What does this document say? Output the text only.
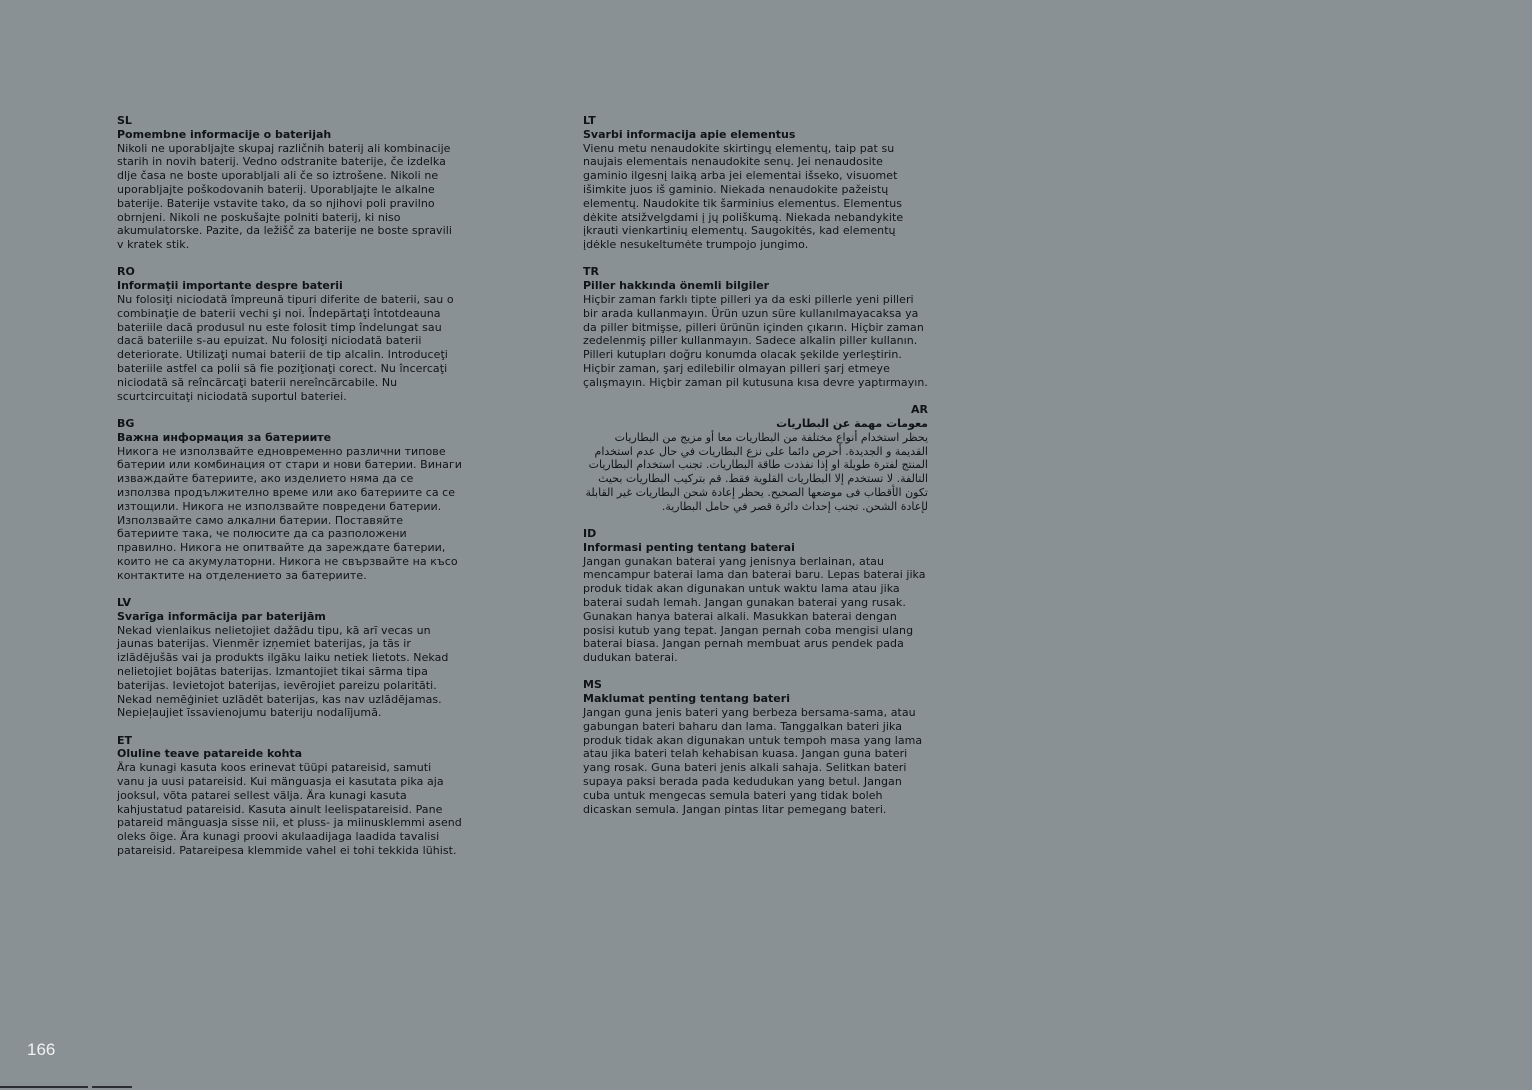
SL

Pomembne informacije o baterijah

Nikoli ne uporabljajte skupaj različnih baterij ali kombinacije starih in novih baterij. Vedno odstranite baterije, če izdelka dlje časa ne boste uporabljali ali če so iztrošene. Nikoli ne uporabljajte poškodovanih baterij. Uporabljajte le alkalne baterije. Baterije vstavite tako, da so njihovi poli pravilno obrnjeni. Nikoli ne poskušajte polniti baterij, ki niso akumulatorske. Pazite, da ležišč za baterije ne boste spravili v kratek stik.

RO

Informaţii importante despre baterii

Nu folosiţi niciodată împreună tipuri diferite de baterii, sau o combinaţie de baterii vechi şi noi. Îndepărtaţi întotdeauna bateriile dacă produsul nu este folosit timp îndelungat sau dacă bateriile s-au epuizat. Nu folosiţi niciodată baterii deteriorate. Utilizaţi numai baterii de tip alcalin. Introduceţi bateriile astfel ca polii să fie poziţionaţi corect. Nu încercaţi niciodată să reîncărcaţi baterii nereîncărcabile. Nu scurtcircuitaţi niciodată suportul bateriei.

BG

Важна информация за батериите

Никога не използвайте едновременно различни типове батерии или комбинация от стари и нови батерии. Винаги изваждайте батериите, ако изделието няма да се използва продължително време или ако батериите са се изтощили. Никога не използвайте повредени батерии. Използвайте само алкални батерии. Поставяйте батериите така, че полюсите да са разположени правилно. Никога не опитвайте да зареждате батерии, които не са акумулаторни. Никога не свързвайте на късо контактите на отделението за батериите.

LV

Svarīga informācija par baterijām

Nekad vienlaikus nelietojiet dažādu tipu, kā arī vecas un jaunas baterijas. Vienmēr izņemiet baterijas, ja tās ir izlādējušās vai ja produkts ilgāku laiku netiek lietots. Nekad nelietojiet bojātas baterijas. Izmantojiet tikai sārma tipa baterijas. Ievietojot baterijas, ievērojiet pareizu polaritāti. Nekad nemēģiniet uzlādēt baterijas, kas nav uzlādējamas. Nepieļaujiet īssavienojumu bateriju nodalījumā.

ET

Oluline teave patareide kohta

Ära kunagi kasuta koos erinevat tüüpi patareisid, samuti vanu ja uusi patareisid. Kui mänguasja ei kasutata pika aja jooksul, võta patarei sellest välja. Ära kunagi kasuta kahjustatud patareisid. Kasuta ainult leelispatareisid. Pane patareid mänguasja sisse nii, et pluss- ja miinusklemmi asend oleks õige. Ära kunagi proovi akulaadijaga laadida tavalisi patareisid. Patareipesa klemmide vahel ei tohi tekkida lühist.

LT

Svarbi informacija apie elementus

Vienu metu nenaudokite skirtingų elementų, taip pat su naujais elementais nenaudokite senų. Jei nenaudosite gaminio ilgesnį laiką arba jei elementai išseko, visuomet išimkite juos iš gaminio. Niekada nenaudokite pažeistų elementų. Naudokite tik šarminius elementus. Elementus dėkite atsižvelgdami į jų poliškumą. Niekada nebandykite įkrauti vienkartinių elementų. Saugokitės, kad elementų įdėkle nesukeltumėte trumpojo jungimo.

TR

Piller hakkında önemli bilgiler

Hiçbir zaman farklı tipte pilleri ya da eski pillerle yeni pilleri bir arada kullanmayın. Ürün uzun süre kullanılmayacaksa ya da piller bitmişse, pilleri ürünün içinden çıkarın. Hiçbir zaman zedelenmiş piller kullanmayın. Sadece alkalin piller kullanın. Pilleri kutupları doğru konumda olacak şekilde yerleştirin. Hiçbir zaman, şarj edilebilir olmayan pilleri şarj etmeye çalışmayın. Hiçbir zaman pil kutusuna kısa devre yaptırmayın.

AR

معومات مهمة عن البطاريات

يحظر استخدام أنواع مختلفة من البطاريات معا أو مزيج من البطاريات القديمة و الجديدة. أحرص دائما على نزع البطاريات في حال عدم استخدام المنتج لفترة طويلة او إذا نفذدت طاقة البطاريات. تجنب استخدام البطاريات التالفة. لا تستخدم إلا البطاريات القلوية فقط. قم بتركيب البطاريات بحيث تكون الأقطاب فى موضعها الصحيح. يحظر إعادة شحن البطاريات غير القابلة لإعادة الشحن. تجنب إحداث دائرة قصر في حامل البطارية.

ID

Informasi penting tentang baterai

Jangan gunakan baterai yang jenisnya berlainan, atau mencampur baterai lama dan baterai baru. Lepas baterai jika produk tidak akan digunakan untuk waktu lama atau jika baterai sudah lemah. Jangan gunakan baterai yang rusak. Gunakan hanya baterai alkali. Masukkan baterai dengan posisi kutub yang tepat. Jangan pernah coba mengisi ulang baterai biasa. Jangan pernah membuat arus pendek pada dudukan baterai.

MS

Maklumat penting tentang bateri

Jangan guna jenis bateri yang berbeza bersama-sama, atau gabungan bateri baharu dan lama. Tanggalkan bateri jika produk tidak akan digunakan untuk tempoh masa yang lama atau jika bateri telah kehabisan kuasa. Jangan guna bateri yang rosak. Guna bateri jenis alkali sahaja. Selitkan bateri supaya paksi berada pada kedudukan yang betul. Jangan cuba untuk mengecas semula bateri yang tidak boleh dicaskan semula. Jangan pintas litar pemegang bateri.

166
